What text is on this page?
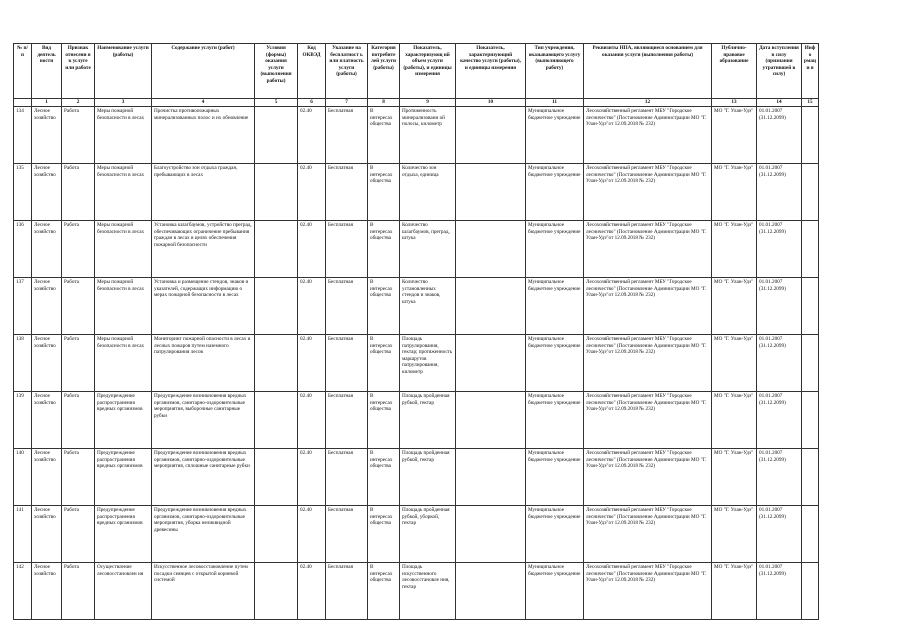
№ п/п	Вид деятель ности	Признак отнесени я к услуге или работе	Наименование услуги (работы)	Содержание услуги (работ)	Условия (формы) оказания услуги (выполнения работы)	Код ОКВЭД	Указание на бесплатност ь или платность услуги (работы)	Категория потребите лей услуги (работы)	Показатель, характеризующ ий объем услуги (работы), и единицы измерения	Показатель, характеризующий качество услуги (работы), и единицы измерения	Тип учреждения, оказывающего услугу (выполняющего работу)	Реквизиты НПА, являющиеся основанием для оказания услуги (выполнения работы)	Публично-правовое образование	Дата вступления в силу (признания утратившей в силу)	Инфо рмаци я
	1	2	3	4	5	6	7	8	9	10	11	12	13	14	15
134	Лесное хозяйство	Работа	Меры пожарной безопасности в лесах	Прочистка противопожарных минерализованных полос и их обновление		02.40	Бесплатная	В интересах общества	Протяженность минерализованн ой полосы, километр		Муниципальное бюджетное учреждение	Лесохозяйственный регламент МБУ "Городское лесничество" (Постановление Администрации МО "Г. Улан-Удэ"от 12.09.2018 № 232)	МО "Г. Улан-Удэ"	01.01.2007 (31.12.2099)	
135	Лесное хозяйство	Работа	Меры пожарной безопасности в лесах	Благоустройство зон отдыха граждан, пребывающих в лесах		02.40	Бесплатная	В интересах общества	Количество зон отдыха, единица		Муниципальное бюджетное учреждение	Лесохозяйственный регламент МБУ "Городское лесничество" (Постановление Администрации МО "Г. Улан-Удэ"от 12.09.2018 № 232)	МО "Г. Улан-Удэ"	01.01.2007 (31.12.2099)	
136	Лесное хозяйство	Работа	Меры пожарной безопасности в лесах	Установка шлагбаумов, устройство преград, обеспечивающих ограничение пребывания граждан в лесах в целях обеспечения пожарной безопасности		02.40	Бесплатная	В интересах общества	Количество шлагбаумов, преград, штука		Муниципальное бюджетное учреждение	Лесохозяйственный регламент МБУ "Городское лесничество" (Постановление Администрации МО "Г. Улан-Удэ"от 12.09.2018 № 232)	МО "Г. Улан-Удэ"	01.01.2007 (31.12.2099)	
137	Лесное хозяйство	Работа	Меры пожарной безопасности в лесах	Установка и размещение стендов, знаков и указателей, содержащих информацию о мерах пожарной безопасности в лесах		02.40	Бесплатная	В интересах общества	Количество установленных стендов и знаков, штука		Муниципальное бюджетное учреждение	Лесохозяйственный регламент МБУ "Городское лесничество" (Постановление Администрации МО "Г. Улан-Удэ"от 12.09.2018 № 232)	МО "Г. Улан-Удэ"	01.01.2007 (31.12.2099)	
138	Лесное хозяйство	Работа	Меры пожарной безопасности в лесах	Мониторинг пожарной опасности в лесах и лесных пожаров путем наземного патрулирования лесов		02.40	Бесплатная	В интересах общества	Площадь патрулирования, гектар; протяженность маршрутов патрулирования, километр		Муниципальное бюджетное учреждение	Лесохозяйственный регламент МБУ "Городское лесничество" (Постановление Администрации МО "Г. Улан-Удэ"от 12.09.2018 № 232)	МО "Г. Улан-Удэ"	01.01.2007 (31.12.2099)	
139	Лесное хозяйство	Работа	Предупреждение распространения вредных организмов	Предупреждение возникновения вредных организмов, санитарно-оздоровительные мероприятия, выборочные санитарные рубки		02.40	Бесплатная	В интересах общества	Площадь пройденная рубкой, гектар		Муниципальное бюджетное учреждение	Лесохозяйственный регламент МБУ "Городское лесничество" (Постановление Администрации МО "Г. Улан-Удэ"от 12.09.2018 № 232)	МО "Г. Улан-Удэ"	01.01.2007 (31.12.2099)	
140	Лесное хозяйство	Работа	Предупреждение распространения вредных организмов	Предупреждение возникновения вредных организмов, санитарно-оздоровительные мероприятия, сплошные санитарные рубки		02.40	Бесплатная	В интересах общества	Площадь пройденная рубкой, гектар		Муниципальное бюджетное учреждение	Лесохозяйственный регламент МБУ "Городское лесничество" (Постановление Администрации МО "Г. Улан-Удэ"от 12.09.2018 № 232)	МО "Г. Улан-Удэ"	01.01.2007 (31.12.2099)	
141	Лесное хозяйство	Работа	Предупреждение распространения вредных организмов	Предупреждение возникновения вредных организмов, санитарно-оздоровительные мероприятия, уборка неликвидной древесины		02.40	Бесплатная	В интересах общества	Площадь пройденная рубкой, уборкой, гектар		Муниципальное бюджетное учреждение	Лесохозяйственный регламент МБУ "Городское лесничество" (Постановление Администрации МО "Г. Улан-Удэ"от 12.09.2018 № 232)	МО "Г. Улан-Удэ"	01.01.2007 (31.12.2099)	
142	Лесное хозяйство	Работа	Осуществление лесовосстановлен ия	Искусственное лесовосстановление путем посадки сеянцев с открытой корневой системой		02.40	Бесплатная	В интересах общества	Площадь искусственного лесовосстановле ния, гектар		Муниципальное бюджетное учреждение	Лесохозяйственный регламент МБУ "Городское лесничество" (Постановление Администрации МО "Г. Улан-Удэ"от 12.09.2018 № 232)	МО "Г. Улан-Удэ"	01.01.2007 (31.12.2099)	
